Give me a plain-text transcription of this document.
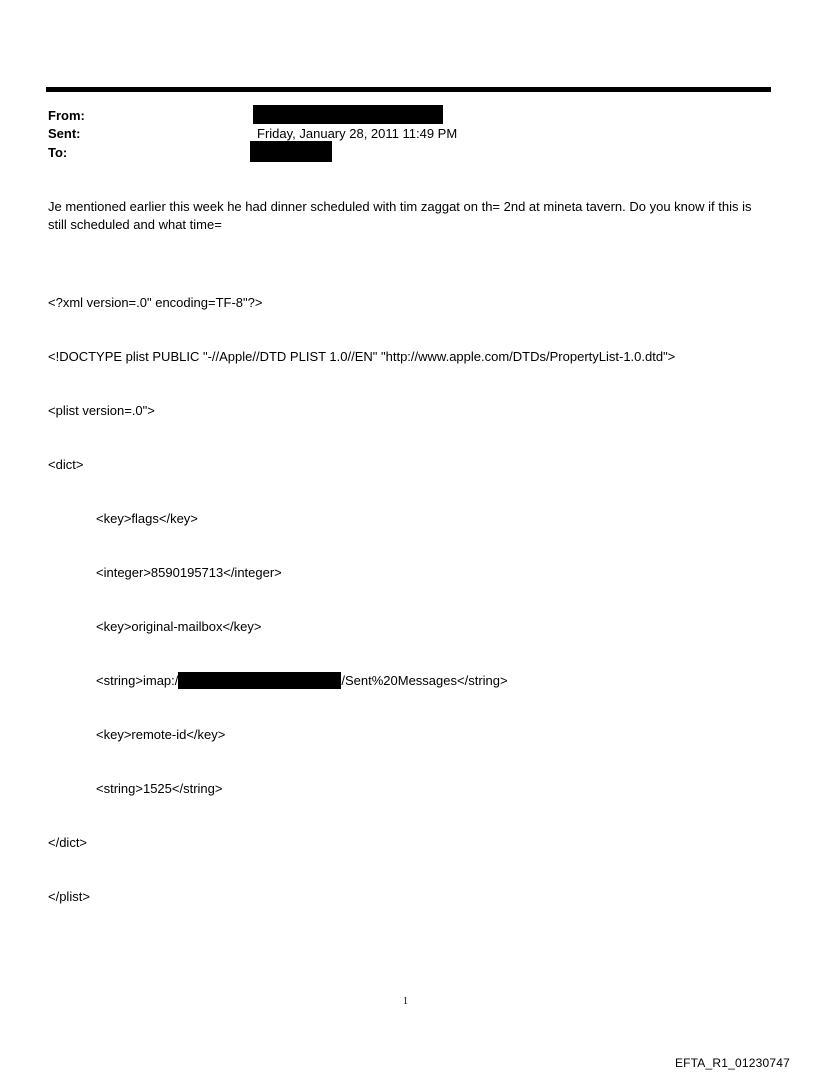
From:
Sent:	Friday, January 28, 2011 11:49 PM
To:

Je mentioned earlier this week he had dinner scheduled with tim zaggat on th= 2nd at mineta tavern. Do you know if this is still scheduled and what time=

<?xml version=.0" encoding=TF-8"?>

<!DOCTYPE plist PUBLIC "-//Apple//DTD PLIST 1.0//EN" "http://www.apple.com/DTDs/PropertyList-1.0.dtd">

<plist version=.0">

<dict>

<key>flags</key>

<integer>8590195713</integer>

<key>original-mailbox</key>

<string>imap:/	/Sent%20Messages</string>

<key>remote-id</key>

<string>1525</string>

</dict>

</plist>

1
EFTA_R1_01230747
